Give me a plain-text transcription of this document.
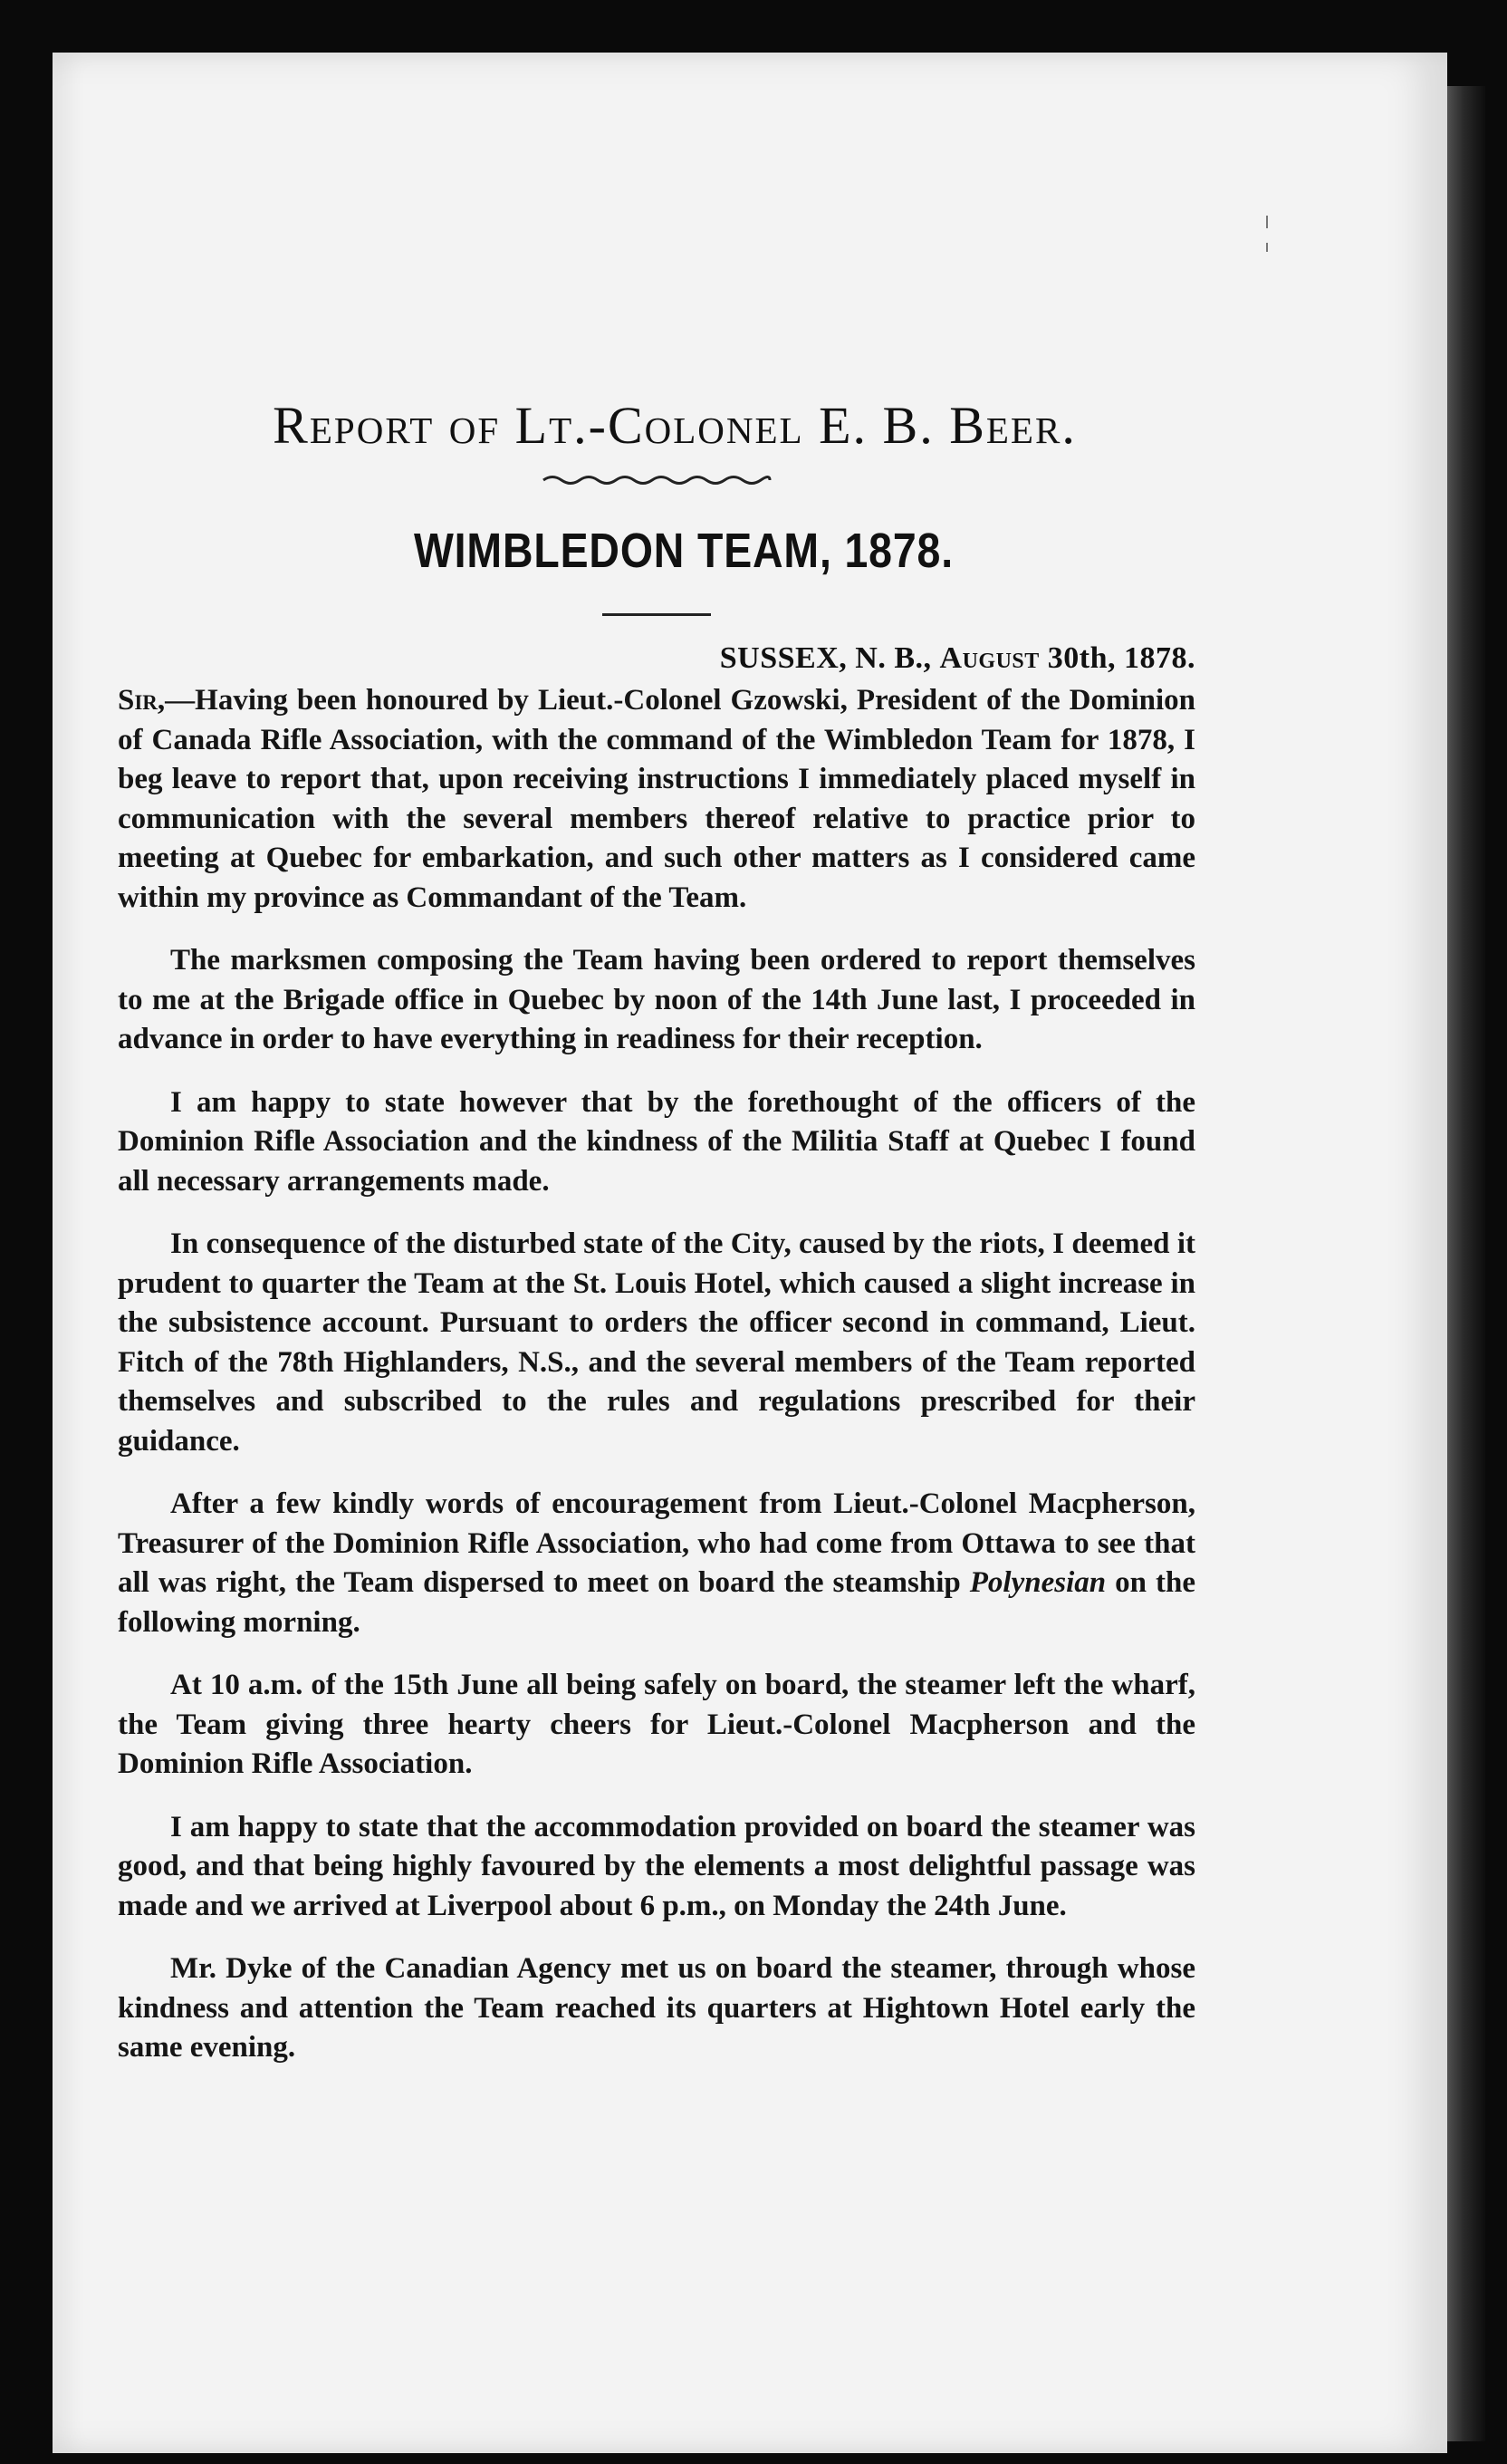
Report of Lt.-Colonel E. B. Beer.
WIMBLEDON TEAM, 1878.
SUSSEX, N. B., August 30th, 1878.

Sir,—Having been honoured by Lieut.-Colonel Gzowski, President of the Dominion of Canada Rifle Association, with the command of the Wimbledon Team for 1878, I beg leave to report that, upon receiving instructions I immediately placed myself in communication with the several members thereof relative to practice prior to meeting at Quebec for embarkation, and such other matters as I considered came within my province as Commandant of the Team.

The marksmen composing the Team having been ordered to report themselves to me at the Brigade office in Quebec by noon of the 14th June last, I proceeded in advance in order to have everything in readiness for their reception.

I am happy to state however that by the forethought of the officers of the Dominion Rifle Association and the kindness of the Militia Staff at Quebec I found all necessary arrangements made.

In consequence of the disturbed state of the City, caused by the riots, I deemed it prudent to quarter the Team at the St. Louis Hotel, which caused a slight increase in the subsistence account. Pursuant to orders the officer second in command, Lieut. Fitch of the 78th Highlanders, N.S., and the several members of the Team reported themselves and subscribed to the rules and regulations prescribed for their guidance.

After a few kindly words of encouragement from Lieut.-Colonel Macpherson, Treasurer of the Dominion Rifle Association, who had come from Ottawa to see that all was right, the Team dispersed to meet on board the steamship Polynesian on the following morning.

At 10 a.m. of the 15th June all being safely on board, the steamer left the wharf, the Team giving three hearty cheers for Lieut.-Colonel Macpherson and the Dominion Rifle Association.

I am happy to state that the accommodation provided on board the steamer was good, and that being highly favoured by the elements a most delightful passage was made and we arrived at Liverpool about 6 p.m., on Monday the 24th June.

Mr. Dyke of the Canadian Agency met us on board the steamer, through whose kindness and attention the Team reached its quarters at Hightown Hotel early the same evening.
